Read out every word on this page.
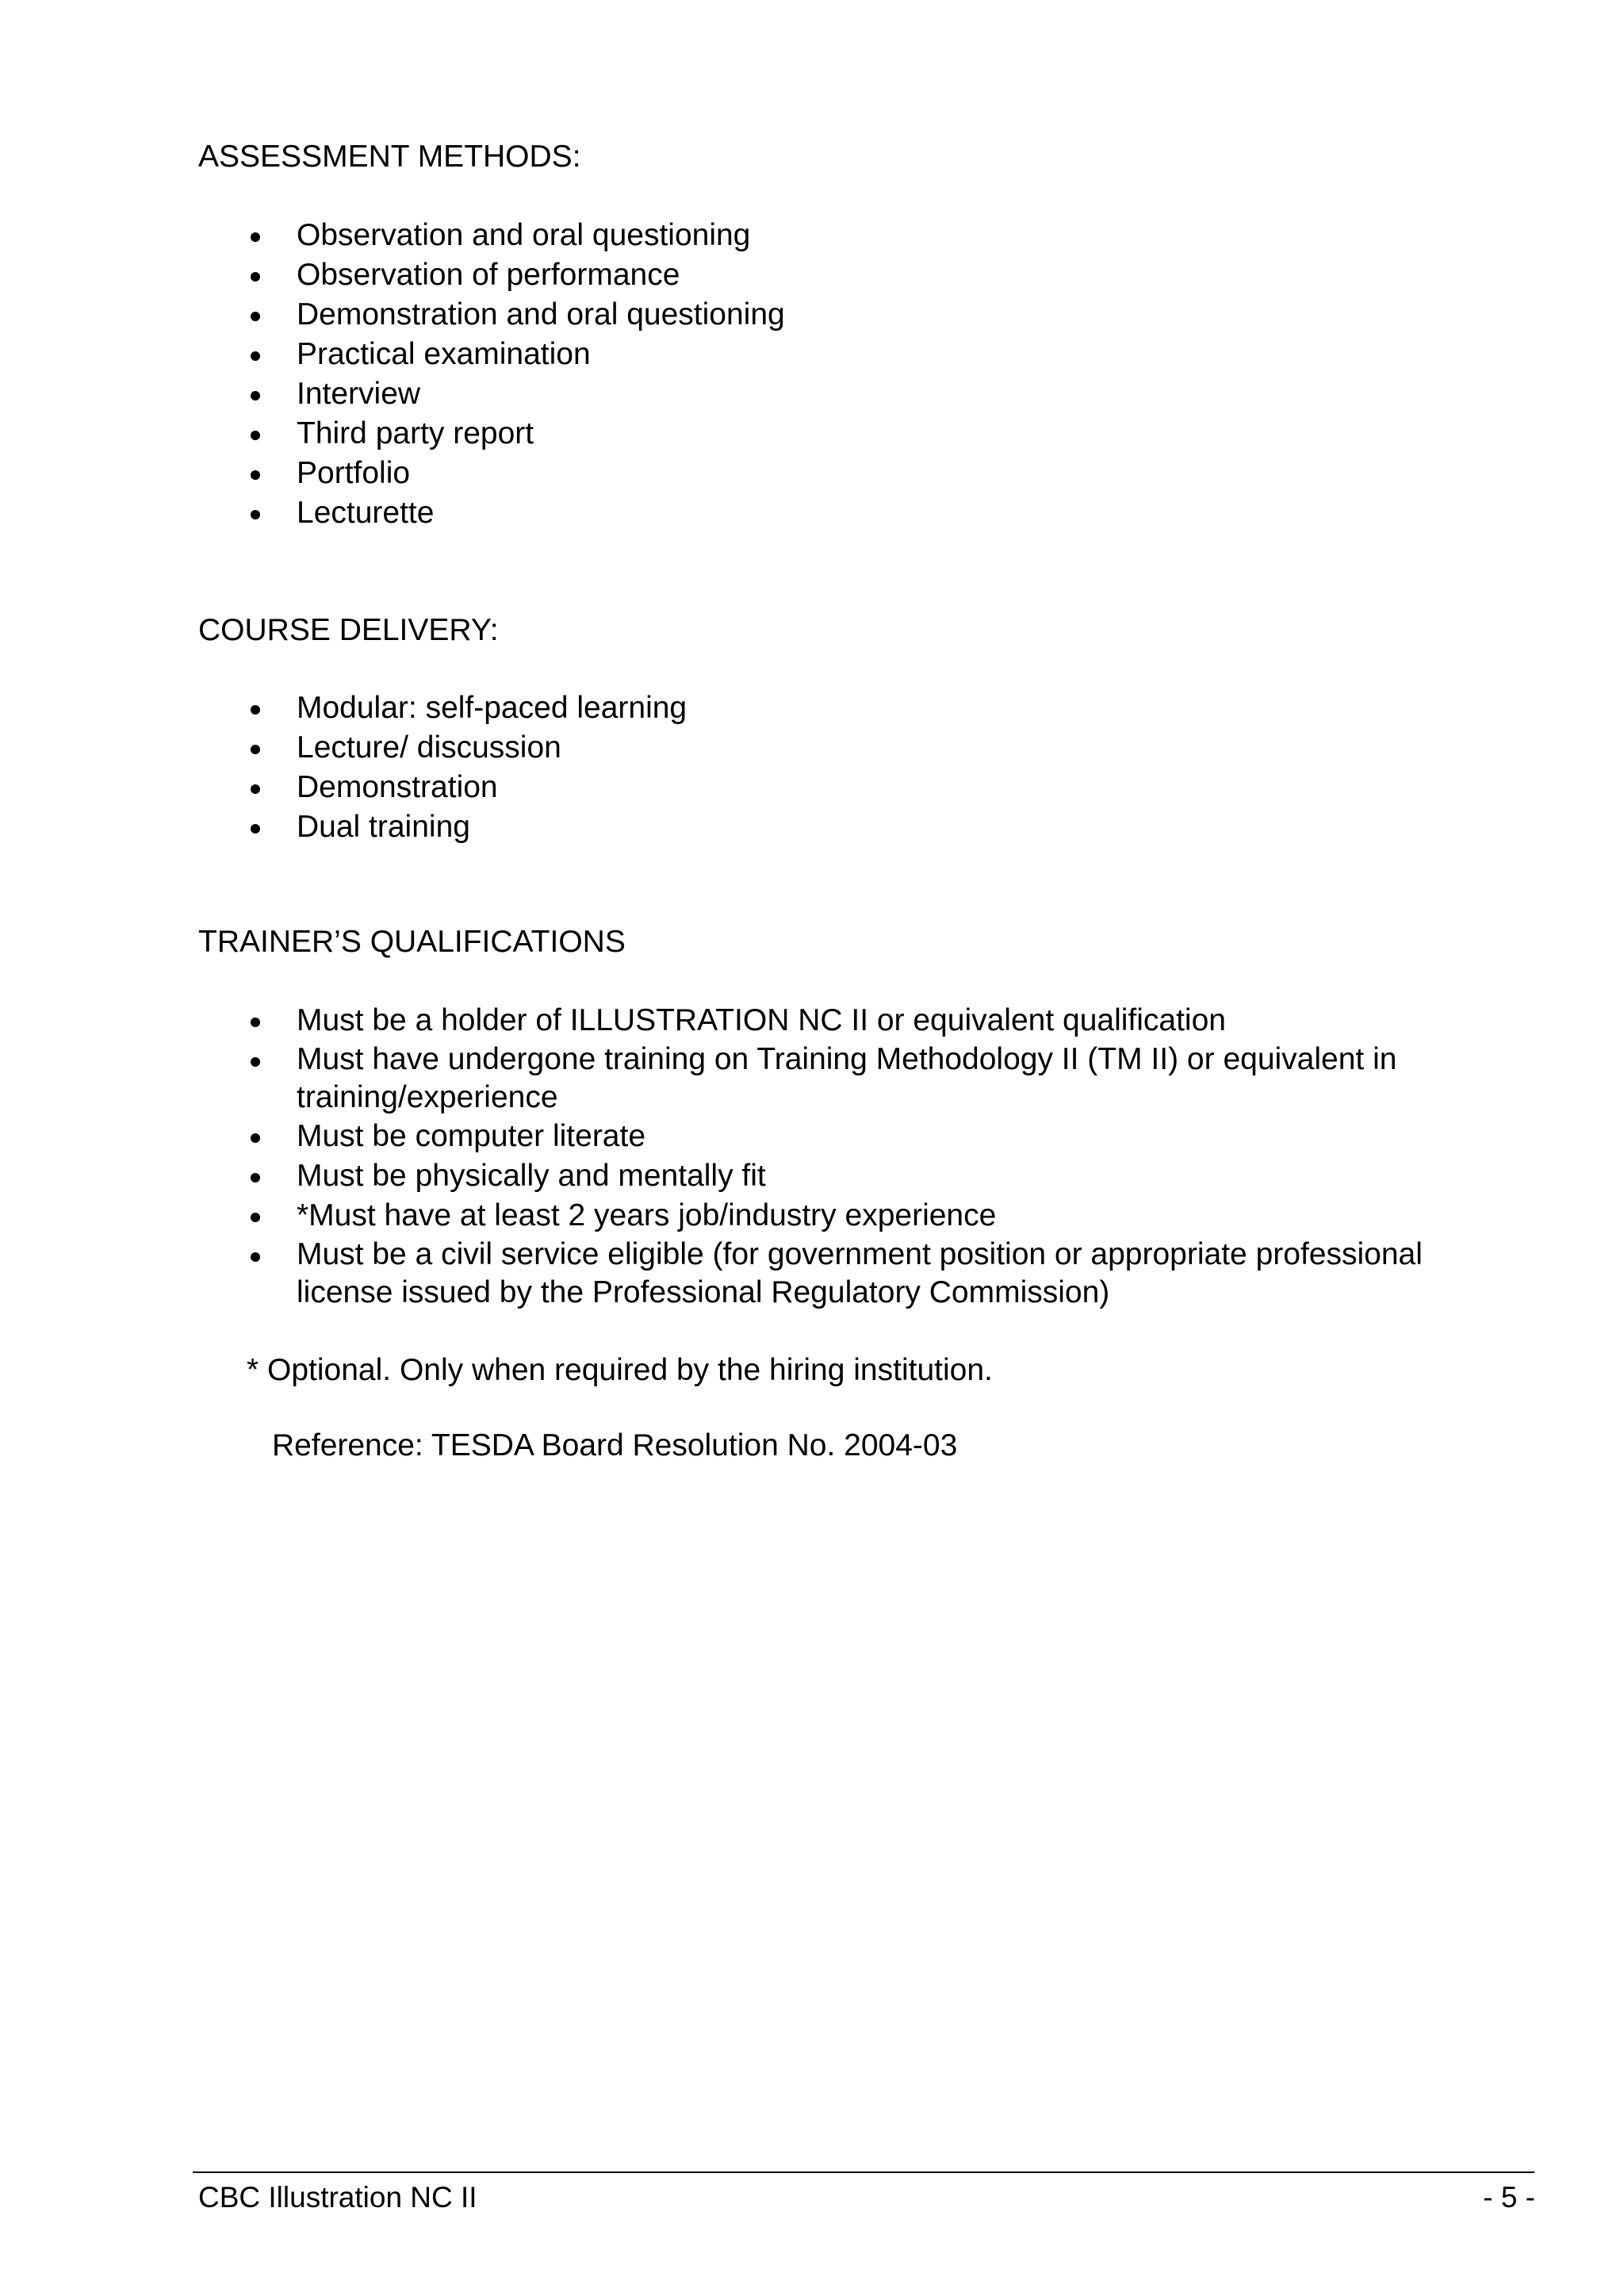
ASSESSMENT METHODS:
Observation and oral questioning
Observation of performance
Demonstration and oral questioning
Practical examination
Interview
Third party report
Portfolio
Lecturette
COURSE DELIVERY:
Modular: self-paced learning
Lecture/ discussion
Demonstration
Dual training
TRAINER’S QUALIFICATIONS
Must be a holder of ILLUSTRATION NC II or equivalent qualification
Must have undergone training on Training Methodology II (TM II) or equivalent in training/experience
Must be computer literate
Must be physically and mentally fit
*Must have at least 2 years job/industry experience
Must be a civil service eligible (for government position or appropriate professional license issued by the Professional Regulatory Commission)
* Optional. Only when required by the hiring institution.
Reference: TESDA Board Resolution No. 2004-03
CBC Illustration NC II	- 5 -
